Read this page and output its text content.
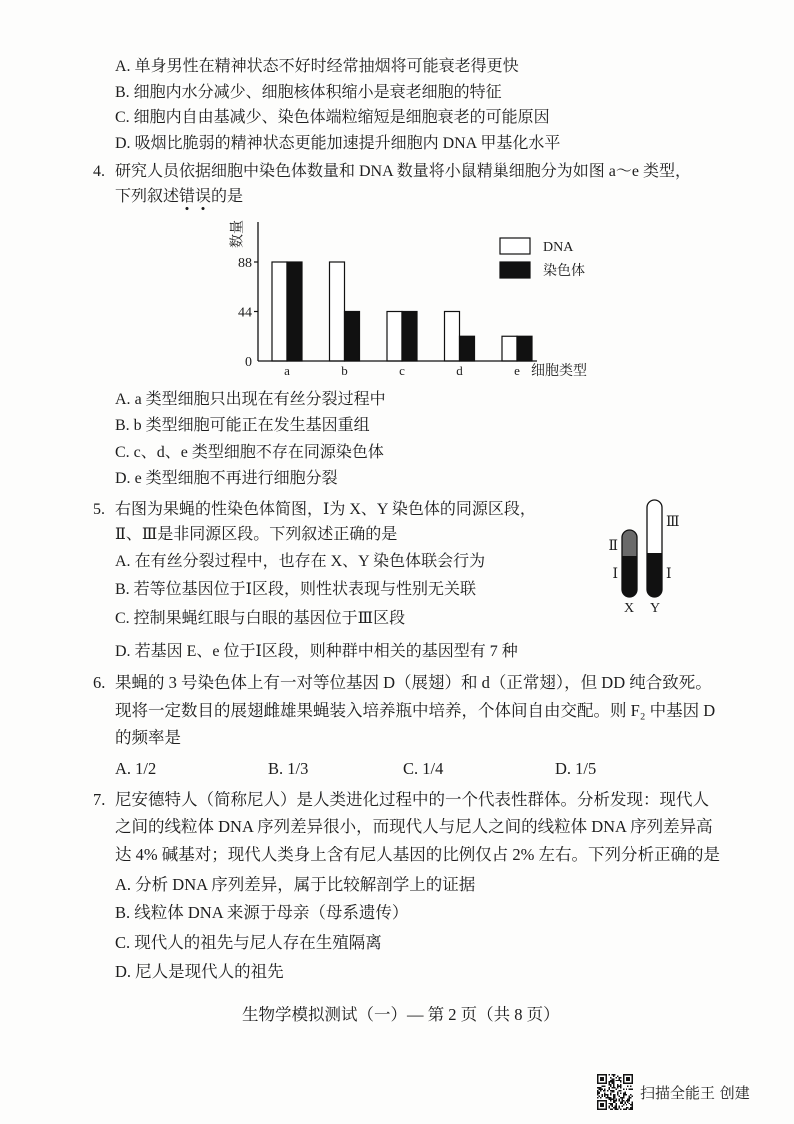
A. 单身男性在精神状态不好时经常抽烟将可能衰老得更快
B. 细胞内水分减少、细胞核体积缩小是衰老细胞的特征
C. 细胞内自由基减少、染色体端粒缩短是细胞衰老的可能原因
D. 吸烟比脆弱的精神状态更能加速提升细胞内 DNA 甲基化水平
4. 研究人员依据细胞中染色体数量和 DNA 数量将小鼠精巢细胞分为如图 a～e 类型，
下列叙述错误的是
数量
0
44
88
a	b	c	d	e 细胞类型
DNA
染色体
A. a 类型细胞只出现在有丝分裂过程中
B. b 类型细胞可能正在发生基因重组
C. c、d、e 类型细胞不存在同源染色体
D. e 类型细胞不再进行细胞分裂
5. 右图为果蝇的性染色体简图，Ⅰ为 X、Y 染色体的同源区段，
Ⅱ、Ⅲ是非同源区段。下列叙述正确的是
A. 在有丝分裂过程中，也存在 X、Y 染色体联会行为
B. 若等位基因位于Ⅰ区段，则性状表现与性别无关联
C. 控制果蝇红眼与白眼的基因位于Ⅲ区段
D. 若基因 E、e 位于Ⅰ区段，则种群中相关的基因型有 7 种
Ⅱ
Ⅰ
Ⅲ
Ⅰ
X Y
6. 果蝇的 3 号染色体上有一对等位基因 D（展翅）和 d（正常翅），但 DD 纯合致死。
现将一定数目的展翅雌雄果蝇装入培养瓶中培养，个体间自由交配。则 F₂ 中基因 D
的频率是
A. 1/2	B. 1/3	C. 1/4	D. 1/5
7. 尼安德特人（简称尼人）是人类进化过程中的一个代表性群体。分析发现：现代人
之间的线粒体 DNA 序列差异很小，而现代人与尼人之间的线粒体 DNA 序列差异高
达 4% 碱基对；现代人类身上含有尼人基因的比例仅占 2% 左右。下列分析正确的是
A. 分析 DNA 序列差异，属于比较解剖学上的证据
B. 线粒体 DNA 来源于母亲（母系遗传）
C. 现代人的祖先与尼人存在生殖隔离
D. 尼人是现代人的祖先
生物学模拟测试（一）— 第 2 页（共 8 页）
扫描全能王 创建
